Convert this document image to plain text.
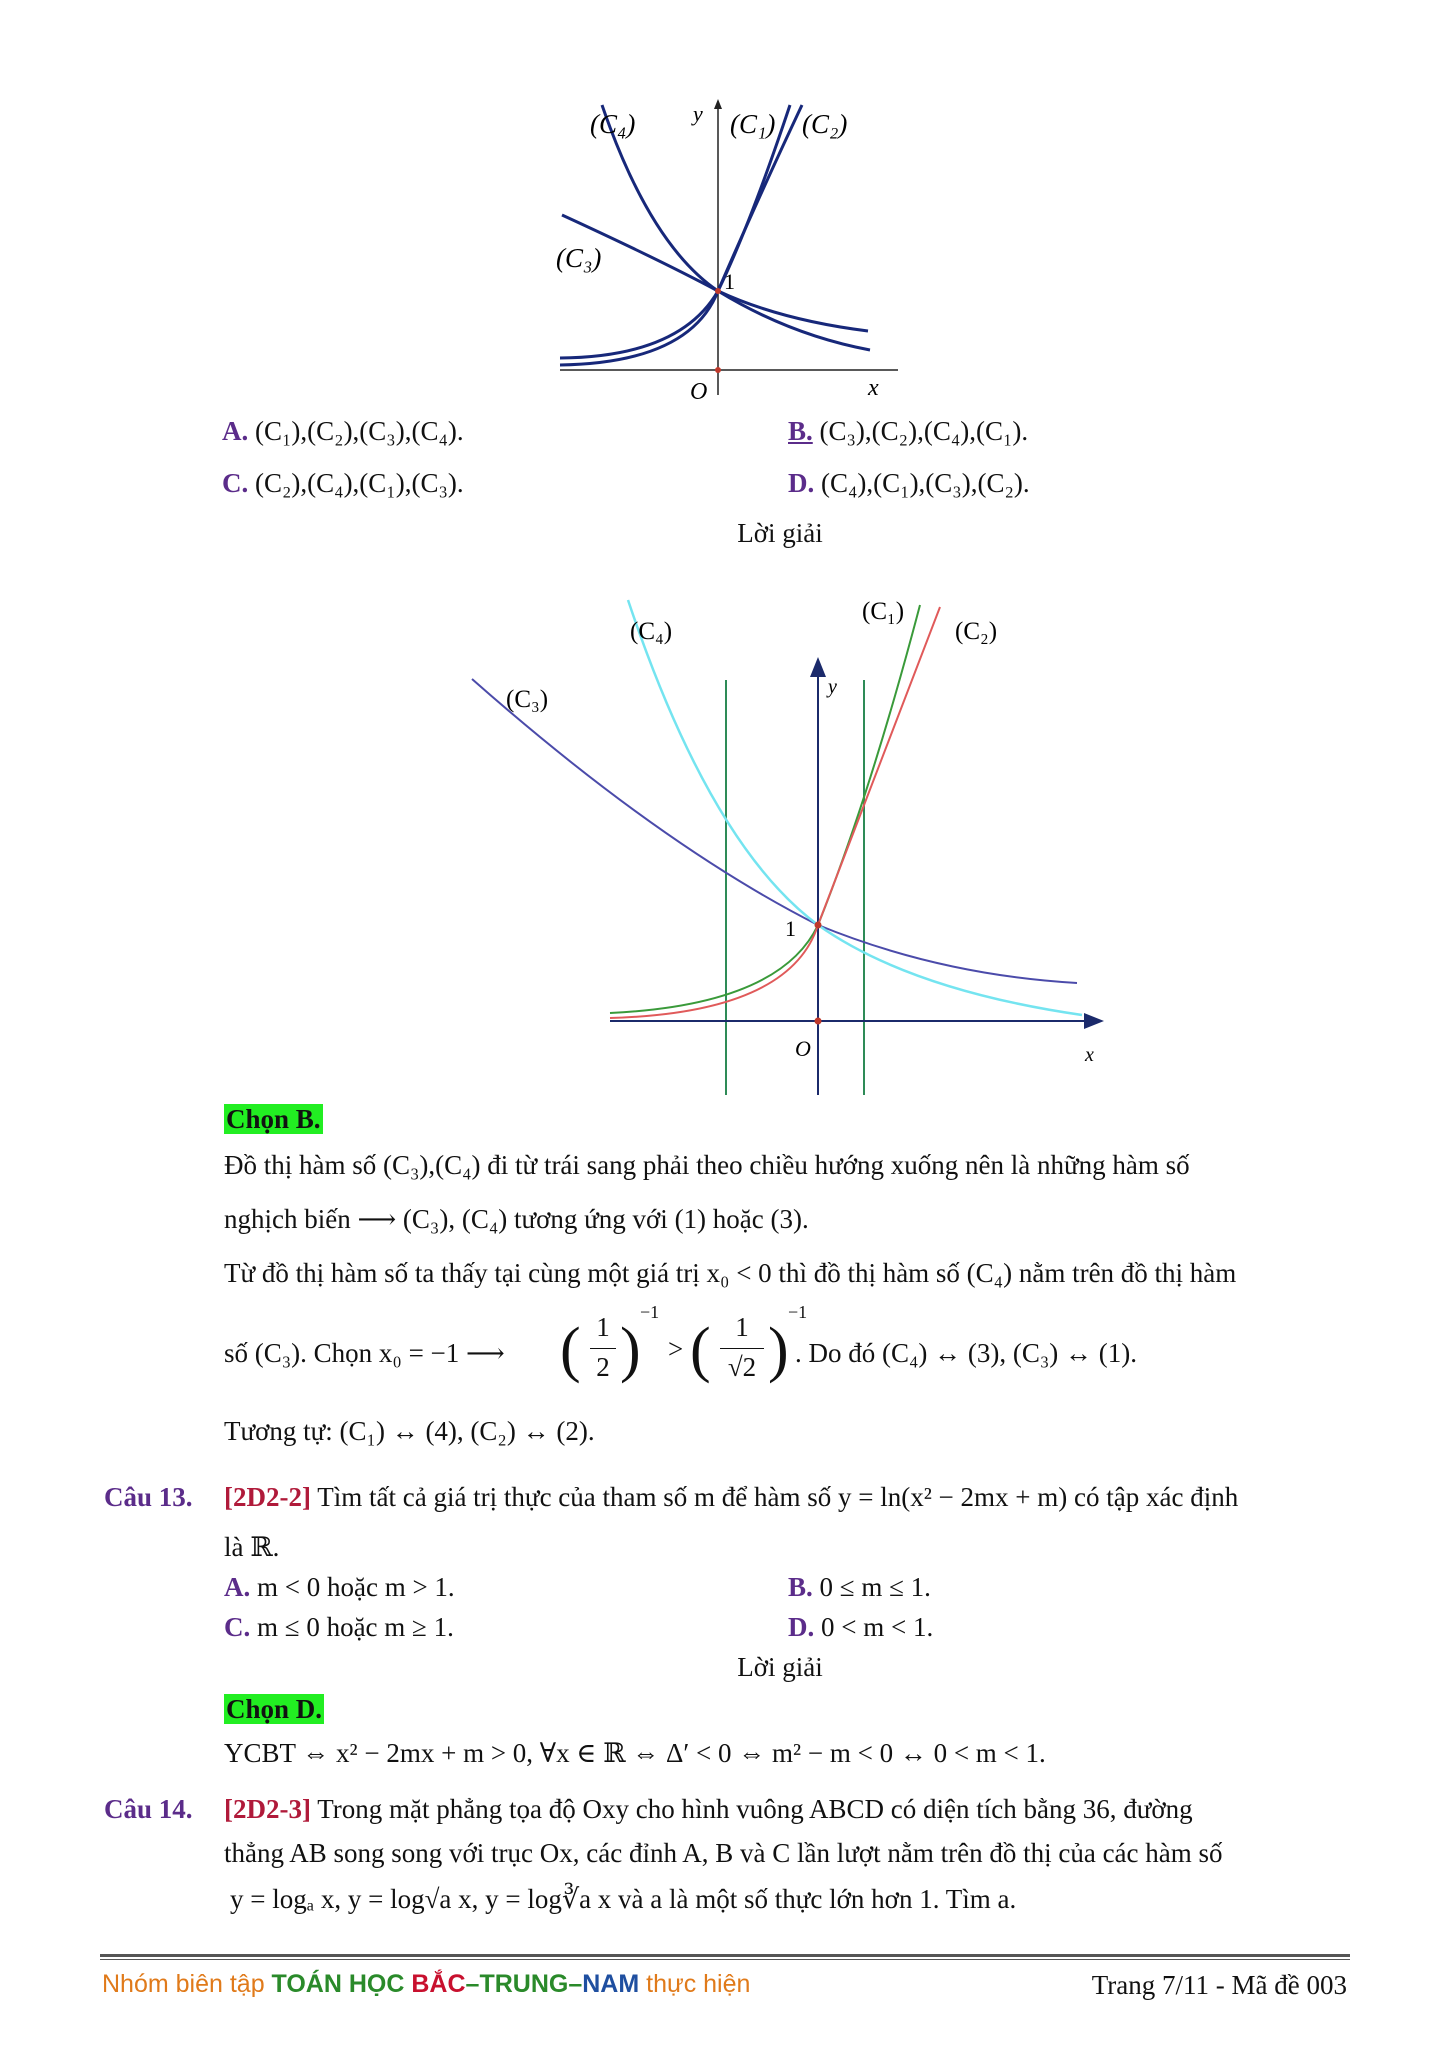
(C₄)	y (C₁) (C₂)
(C₃)
1
O	x
A. (C₁),(C₂),(C₃),(C₄).	B. (C₃),(C₂),(C₄),(C₁).
C. (C₂),(C₄),(C₁),(C₃).	D. (C₄),(C₁),(C₃),(C₂).
Lời giải
(C₁)
(C₂)
(C₄)
(C₃)	y
1
O	x
Chọn B.
Đồ thị hàm số (C₃),(C₄) đi từ trái sang phải theo chiều hướng xuống nên là những hàm số
nghịch biến ⟶ (C₃), (C₄) tương ứng với (1) hoặc (3).
Từ đồ thị hàm số ta thấy tại cùng một giá trị x₀ < 0 thì đồ thị hàm số (C₄) nằm trên đồ thị hàm
số (C₃). Chọn x₀ = −1 ⟶ ( 1
2 )
−1
> ( 1
√2 )
−1
. Do đó (C₄) ↔ (3), (C₃) ↔ (1).
Tương tự: (C₁) ↔ (4), (C₂) ↔ (2).
Câu 13. [2D2-2] Tìm tất cả giá trị thực của tham số m để hàm số y = ln(x² − 2mx + m) có tập xác định
là ℝ.
A. m < 0 hoặc m > 1.	B. 0 ≤ m ≤ 1.
C. m ≤ 0 hoặc m ≥ 1.	D. 0 < m < 1.
Lời giải
Chọn D.
YCBT ⇔ x² − 2mx + m > 0, ∀x ∈ ℝ ⇔ Δ′ < 0 ⇔ m² − m < 0 ↔ 0 < m < 1.
Câu 14. [2D2-3] Trong mặt phẳng tọa độ Oxy cho hình vuông ABCD có diện tích bằng 36, đường
thẳng AB song song với trục Ox, các đỉnh A, B và C lần lượt nằm trên đồ thị của các hàm số
y = logₐ x, y = log√a x, y = log∛a x và a là một số thực lớn hơn 1. Tìm a.
Nhóm biên tập TOÁN HỌC BẮC–TRUNG–NAM thực hiện	Trang 7/11 - Mã đề 003
